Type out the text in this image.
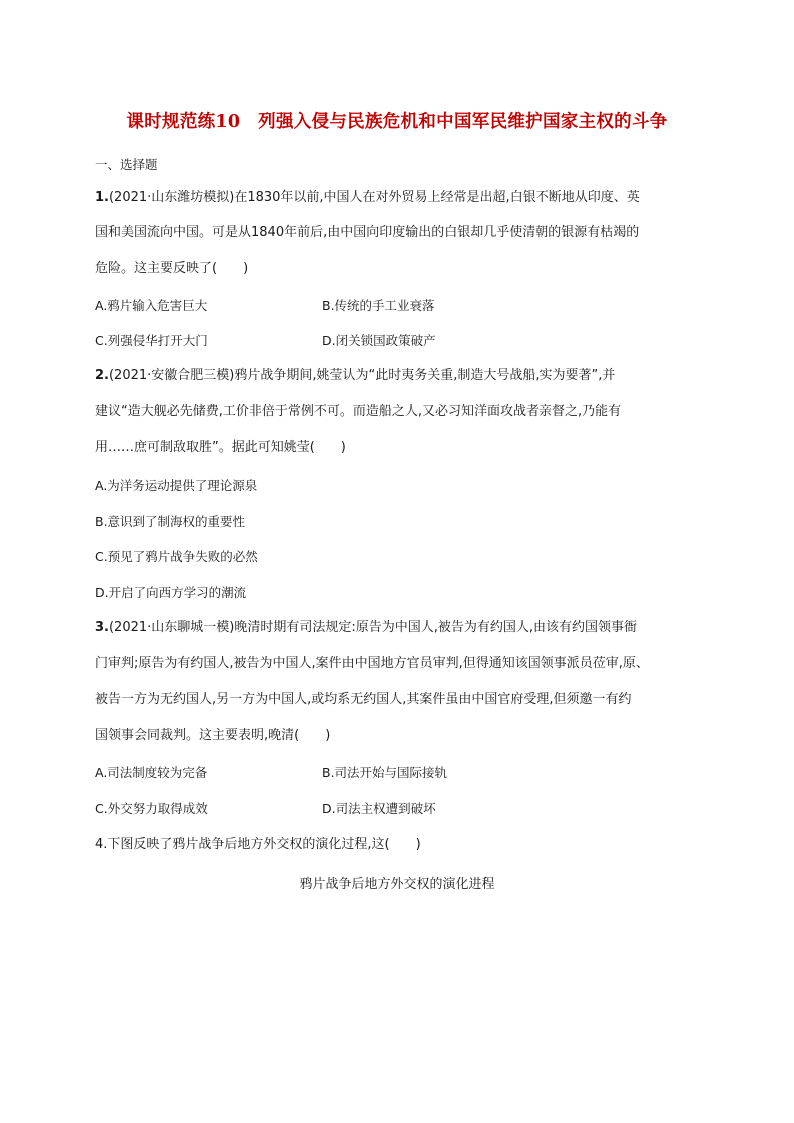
课时规范练10　列强入侵与民族危机和中国军民维护国家主权的斗争
一、选择题
1.(2021·山东潍坊模拟)在1830年以前,中国人在对外贸易上经常是出超,白银不断地从印度、英
国和美国流向中国。可是从1840年前后,由中国向印度输出的白银却几乎使清朝的银源有枯竭的
危险。这主要反映了(　　)
A.鸦片输入危害巨大	B.传统的手工业衰落
C.列强侵华打开大门	D.闭关锁国政策破产
2.(2021·安徽合肥三模)鸦片战争期间,姚莹认为“此时夷务关重,制造大号战船,实为要著”,并
建议“造大舰必先储费,工价非倍于常例不可。而造船之人,又必习知洋面攻战者亲督之,乃能有
用……庶可制敌取胜”。据此可知姚莹(　　)
A.为洋务运动提供了理论源泉
B.意识到了制海权的重要性
C.预见了鸦片战争失败的必然
D.开启了向西方学习的潮流
3.(2021·山东聊城一模)晚清时期有司法规定:原告为中国人,被告为有约国人,由该有约国领事衙
门审判;原告为有约国人,被告为中国人,案件由中国地方官员审判,但得通知该国领事派员莅审,原、
被告一方为无约国人,另一方为中国人,或均系无约国人,其案件虽由中国官府受理,但须邀一有约
国领事会同裁判。这主要表明,晚清(　　)
A.司法制度较为完备	B.司法开始与国际接轨
C.外交努力取得成效	D.司法主权遭到破坏
4.下图反映了鸦片战争后地方外交权的演化过程,这(　　)
鸦片战争后地方外交权的演化进程
